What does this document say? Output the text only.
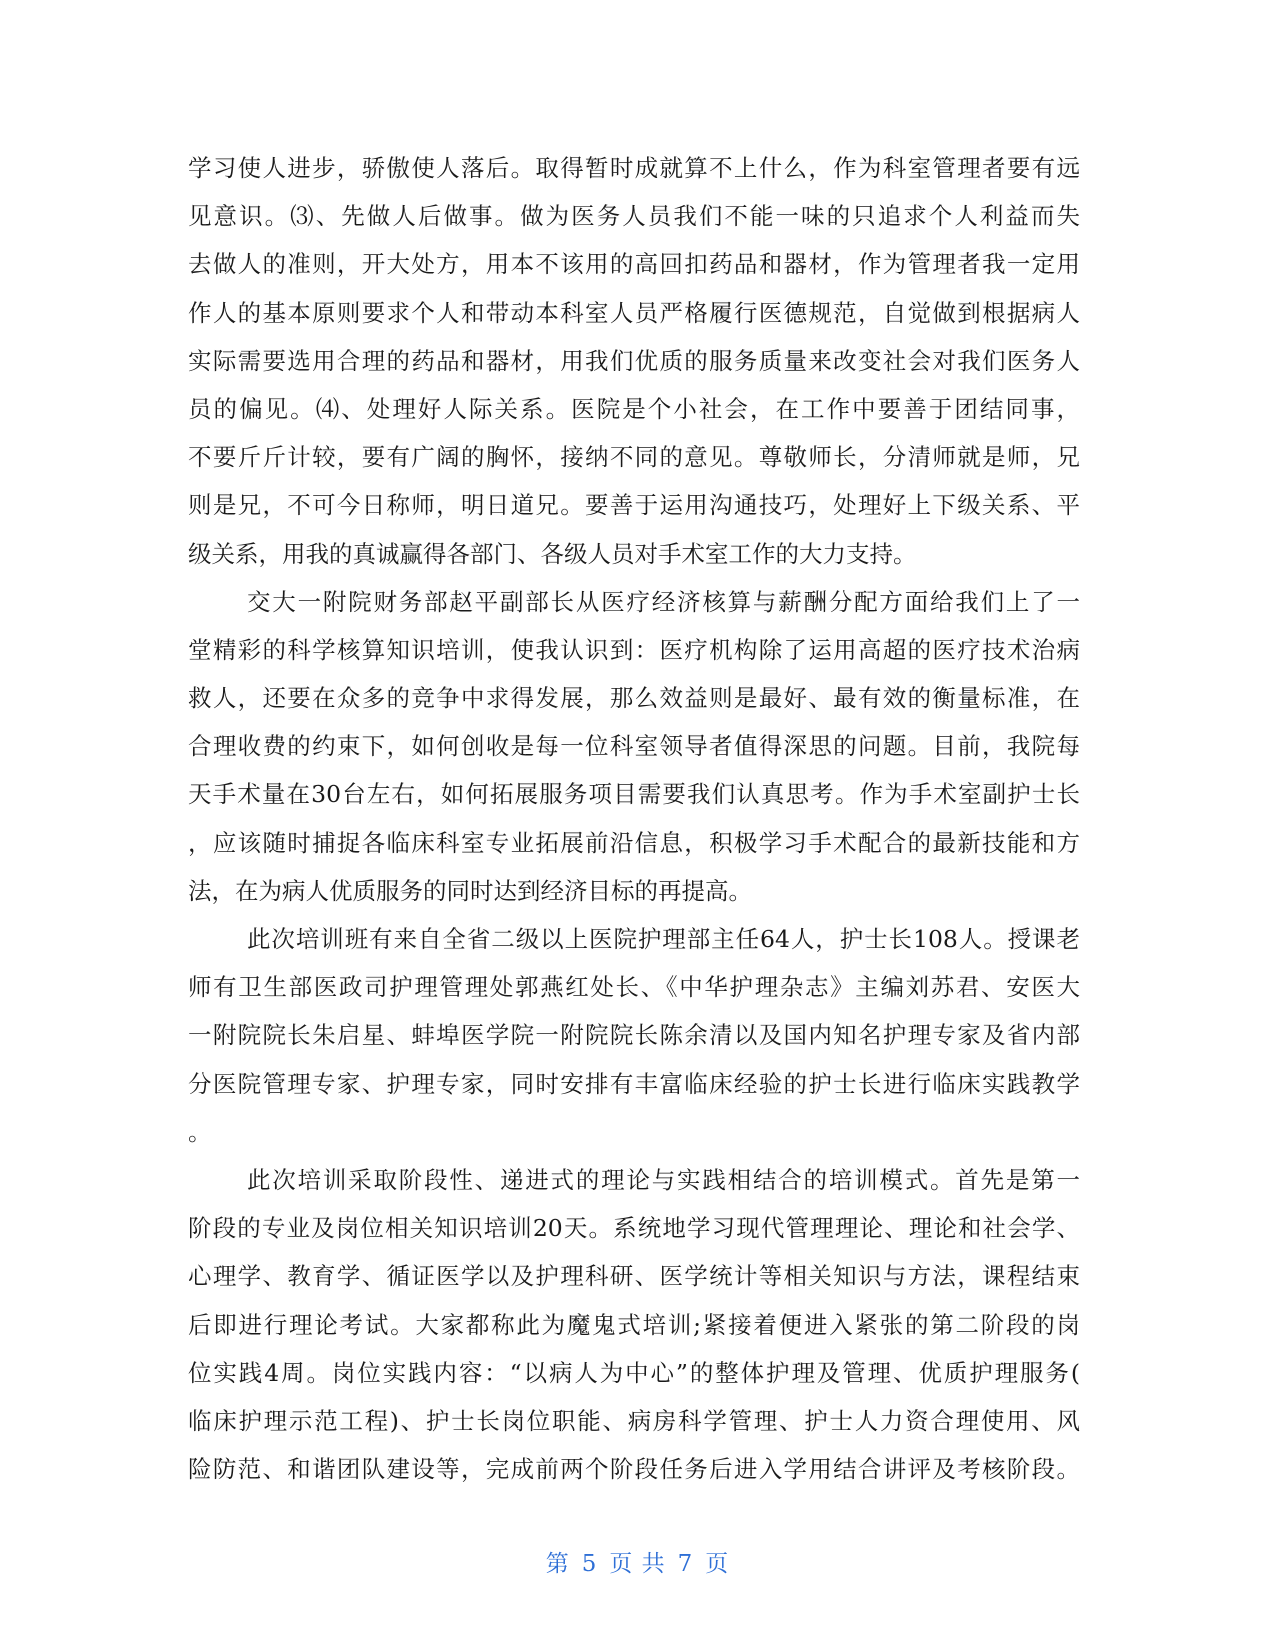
学习使人进步，骄傲使人落后。取得暂时成就算不上什么，作为科室管理者要有远
见意识。⑶、先做人后做事。做为医务人员我们不能一味的只追求个人利益而失
去做人的准则，开大处方，用本不该用的高回扣药品和器材，作为管理者我一定用
作人的基本原则要求个人和带动本科室人员严格履行医德规范，自觉做到根据病人
实际需要选用合理的药品和器材，用我们优质的服务质量来改变社会对我们医务人
员的偏见。⑷、处理好人际关系。医院是个小社会，在工作中要善于团结同事，
不要斤斤计较，要有广阔的胸怀，接纳不同的意见。尊敬师长，分清师就是师，兄
则是兄，不可今日称师，明日道兄。要善于运用沟通技巧，处理好上下级关系、平
级关系，用我的真诚赢得各部门、各级人员对手术室工作的大力支持。
交大一附院财务部赵平副部长从医疗经济核算与薪酬分配方面给我们上了一
堂精彩的科学核算知识培训，使我认识到：医疗机构除了运用高超的医疗技术治病
救人，还要在众多的竞争中求得发展，那么效益则是最好、最有效的衡量标准，在
合理收费的约束下，如何创收是每一位科室领导者值得深思的问题。目前，我院每
天手术量在30台左右，如何拓展服务项目需要我们认真思考。作为手术室副护士长
，应该随时捕捉各临床科室专业拓展前沿信息，积极学习手术配合的最新技能和方
法，在为病人优质服务的同时达到经济目标的再提高。
此次培训班有来自全省二级以上医院护理部主任64人，护士长108人。授课老
师有卫生部医政司护理管理处郭燕红处长、《中华护理杂志》主编刘苏君、安医大
一附院院长朱启星、蚌埠医学院一附院院长陈余清以及国内知名护理专家及省内部
分医院管理专家、护理专家，同时安排有丰富临床经验的护士长进行临床实践教学
。
此次培训采取阶段性、递进式的理论与实践相结合的培训模式。首先是第一
阶段的专业及岗位相关知识培训20天。系统地学习现代管理理论、理论和社会学、
心理学、教育学、循证医学以及护理科研、医学统计等相关知识与方法，课程结束
后即进行理论考试。大家都称此为魔鬼式培训;紧接着便进入紧张的第二阶段的岗
位实践4周。岗位实践内容：“以病人为中心”的整体护理及管理、优质护理服务(
临床护理示范工程)、护士长岗位职能、病房科学管理、护士人力资合理使用、风
险防范、和谐团队建设等，完成前两个阶段任务后进入学用结合讲评及考核阶段。
第 5 页 共 7 页
